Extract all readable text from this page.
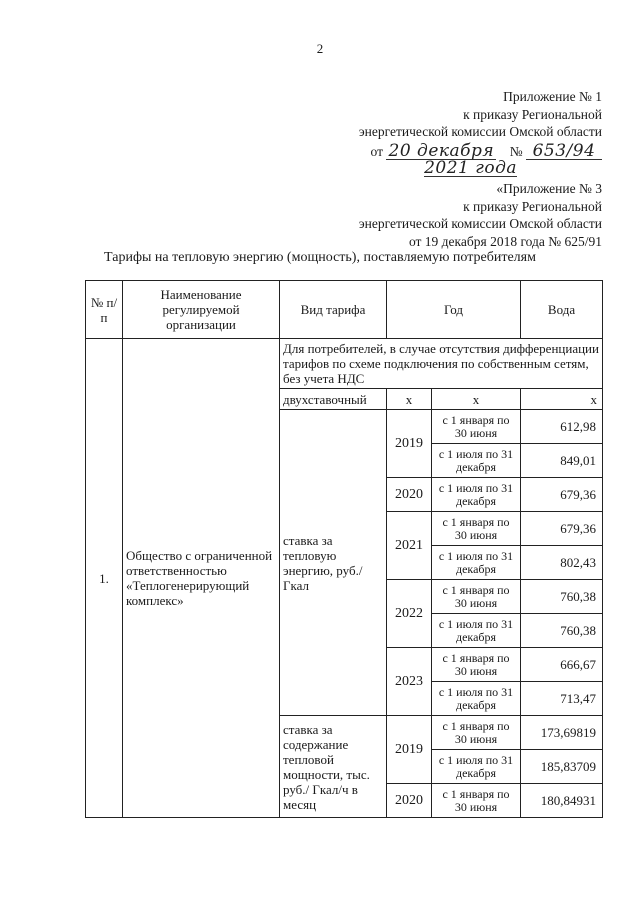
2
Приложение № 1
к приказу Региональной
энергетической комиссии Омской области
от 20 декабря № 653/94
2021 года
«Приложение № 3
к приказу Региональной
энергетической комиссии Омской области
от 19 декабря 2018 года № 625/91
Тарифы на тепловую энергию (мощность), поставляемую потребителям
№ п/п	Наименование регулируемой организации	Вид тарифа	Год		Вода
1.	Общество с ограниченной ответственностью «Теплогенерирующий комплекс»	Для потребителей, в случае отсутствия дифференциации тарифов по схеме подключения по собственным сетям, без учета НДС			
		двухставочный	х	х	х
		ставка за тепловую энергию, руб./Гкал	2019	с 1 января по 30 июня	612,98
				с 1 июля по 31 декабря	849,01
			2020	с 1 июля по 31 декабря	679,36
			2021	с 1 января по 30 июня	679,36
				с 1 июля по 31 декабря	802,43
			2022	с 1 января по 30 июня	760,38
				с 1 июля по 31 декабря	760,38
			2023	с 1 января по 30 июня	666,67
				с 1 июля по 31 декабря	713,47
		ставка за содержание тепловой мощности, тыс. руб./ Гкал/ч в месяц	2019	с 1 января по 30 июня	173,69819
				с 1 июля по 31 декабря	185,83709
			2020	с 1 января по 30 июня	180,84931
